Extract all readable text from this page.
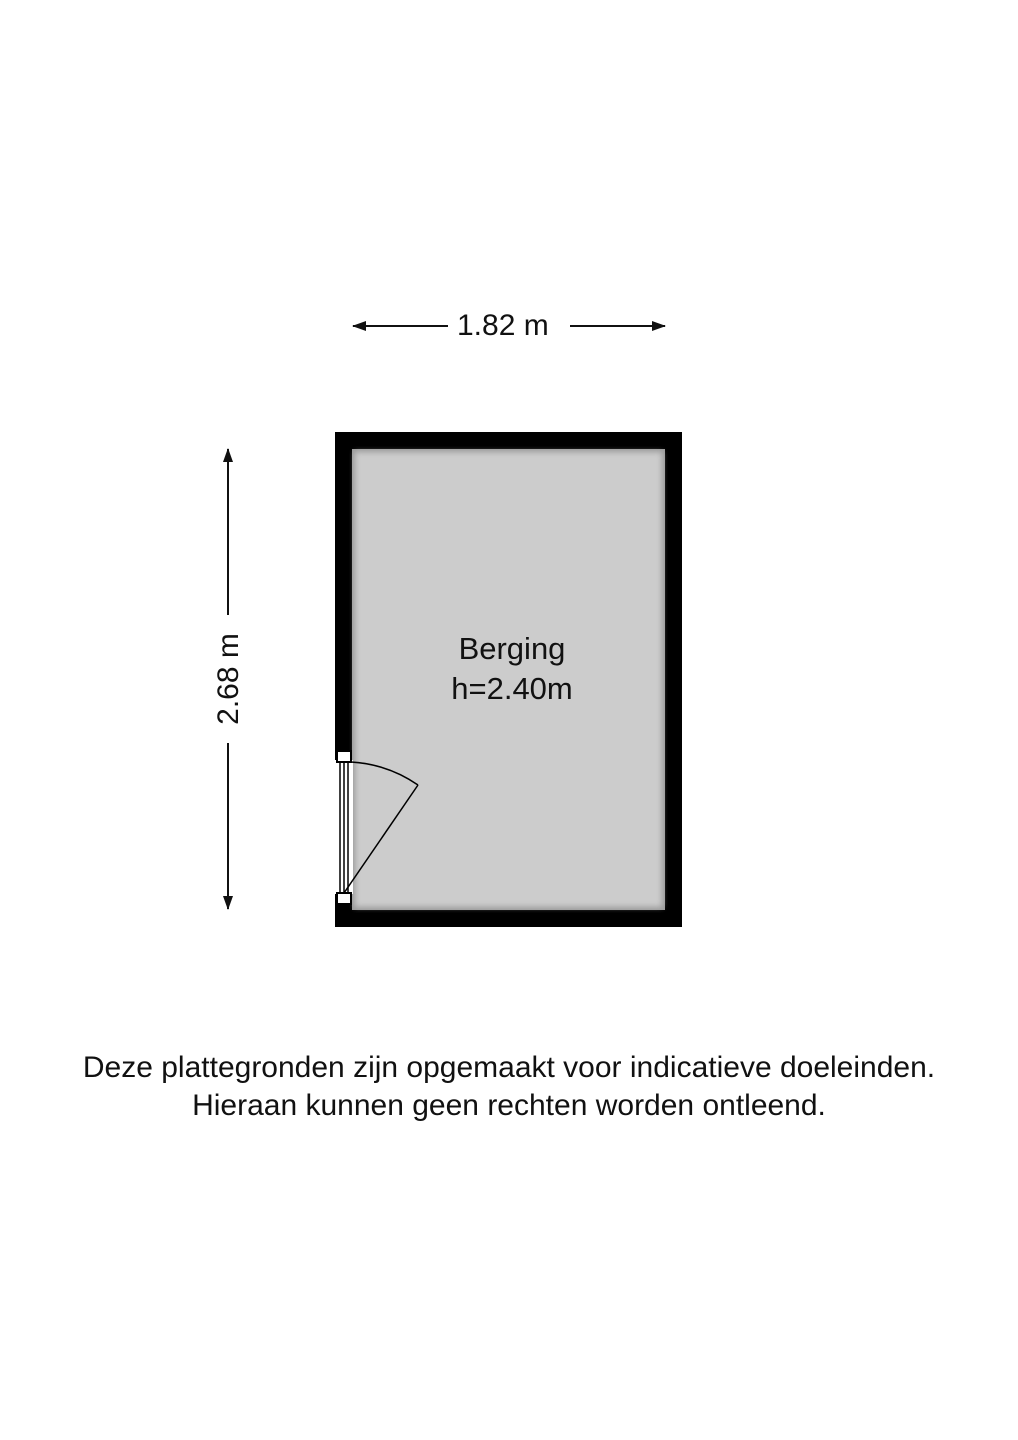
1.82 m
2.68 m	Berging
h=2.40m
Deze plattegronden zijn opgemaakt voor indicatieve doeleinden.
Hieraan kunnen geen rechten worden ontleend.
